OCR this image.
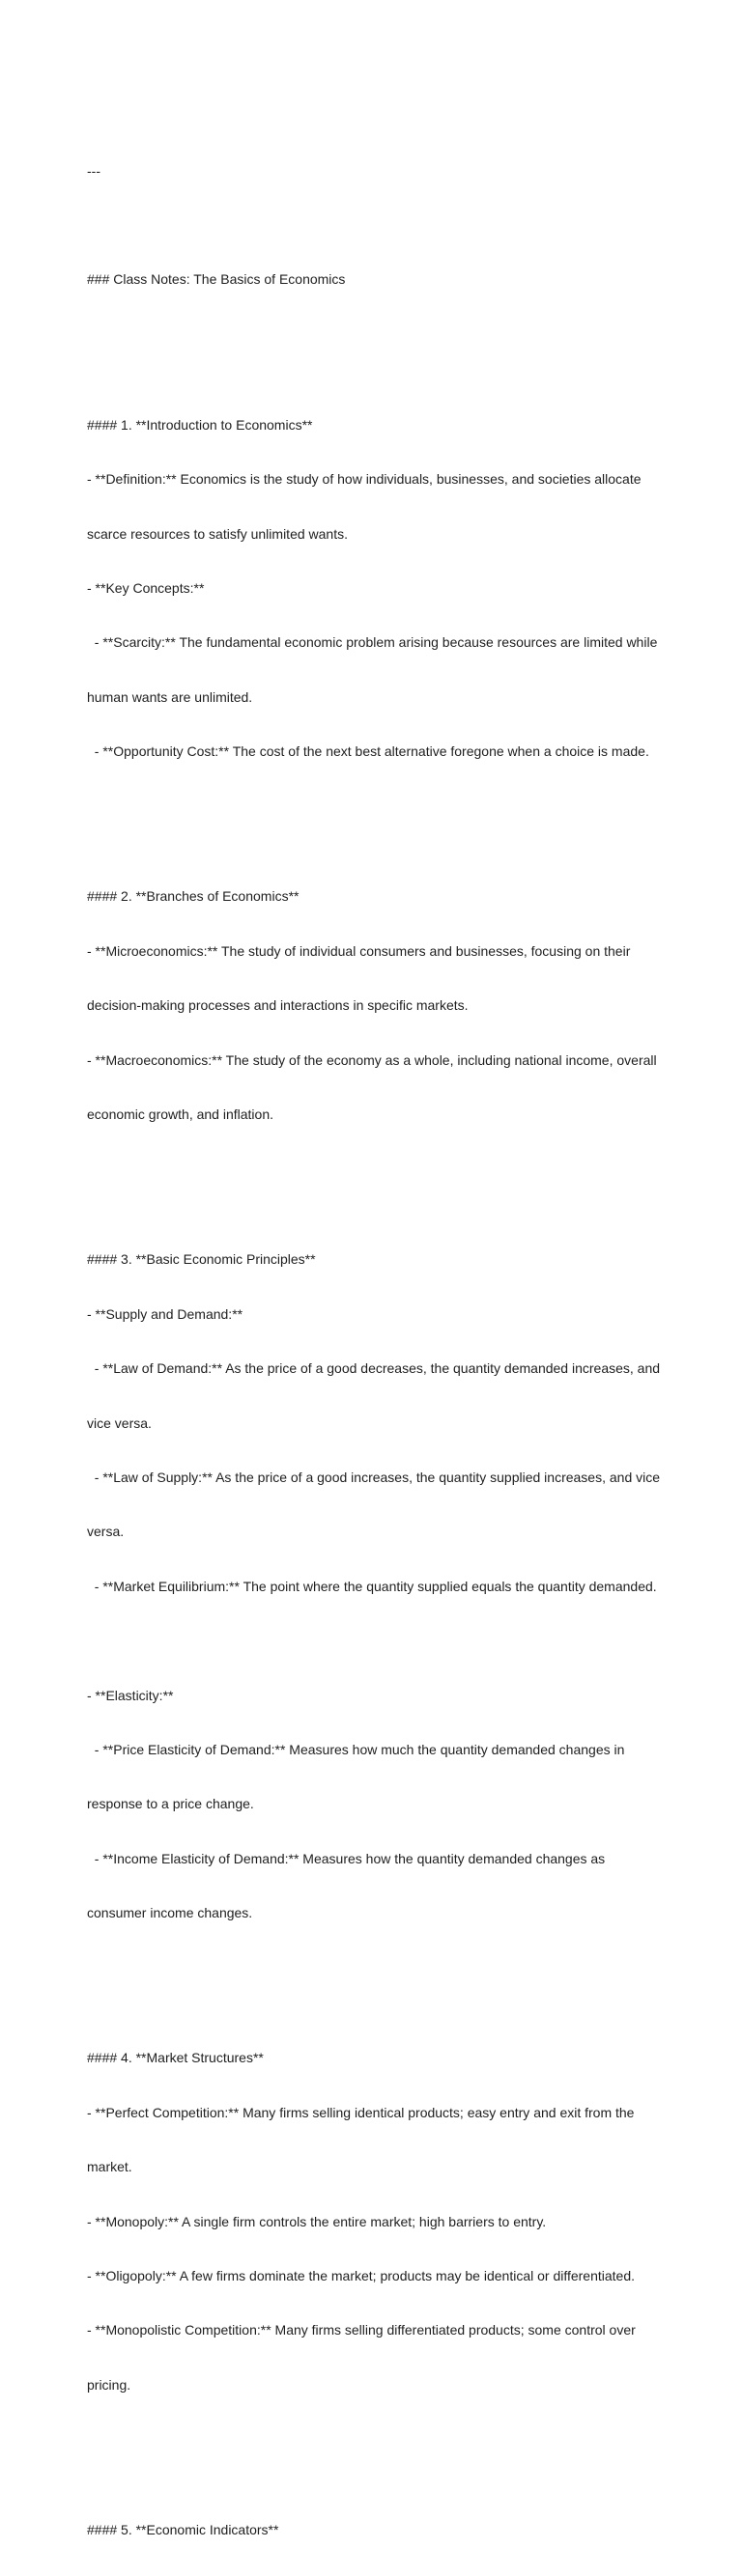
---

### Class Notes: The Basics of Economics

#### 1. **Introduction to Economics**

- **Definition:** Economics is the study of how individuals, businesses, and societies allocate

scarce resources to satisfy unlimited wants.

- **Key Concepts:**

- **Scarcity:** The fundamental economic problem arising because resources are limited while

human wants are unlimited.

- **Opportunity Cost:** The cost of the next best alternative foregone when a choice is made.

#### 2. **Branches of Economics**

- **Microeconomics:** The study of individual consumers and businesses, focusing on their

decision-making processes and interactions in specific markets.

- **Macroeconomics:** The study of the economy as a whole, including national income, overall

economic growth, and inflation.

#### 3. **Basic Economic Principles**

- **Supply and Demand:**

- **Law of Demand:** As the price of a good decreases, the quantity demanded increases, and

vice versa.

- **Law of Supply:** As the price of a good increases, the quantity supplied increases, and vice

versa.

- **Market Equilibrium:** The point where the quantity supplied equals the quantity demanded.

- **Elasticity:**

- **Price Elasticity of Demand:** Measures how much the quantity demanded changes in

response to a price change.

- **Income Elasticity of Demand:** Measures how the quantity demanded changes as

consumer income changes.

#### 4. **Market Structures**

- **Perfect Competition:** Many firms selling identical products; easy entry and exit from the

market.

- **Monopoly:** A single firm controls the entire market; high barriers to entry.

- **Oligopoly:** A few firms dominate the market; products may be identical or differentiated.

- **Monopolistic Competition:** Many firms selling differentiated products; some control over

pricing.

#### 5. **Economic Indicators**
